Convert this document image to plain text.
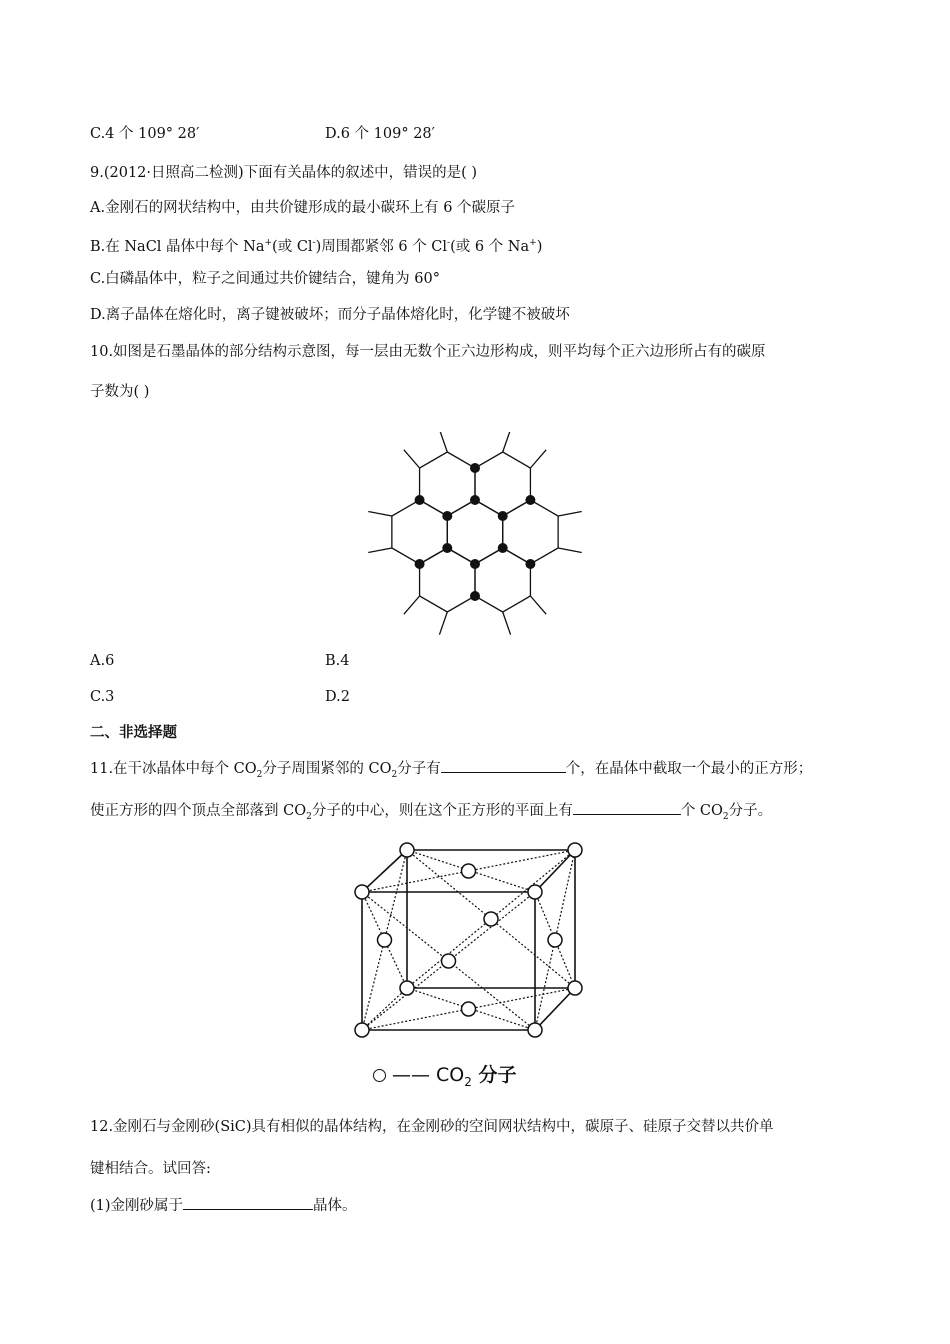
C.4 个 109° 28′	D.6 个 109° 28′
9.(2012·日照高二检测)下面有关晶体的叙述中，错误的是( )
A.金刚石的网状结构中，由共价键形成的最小碳环上有 6 个碳原子
B.在 NaCl 晶体中每个 Na+(或 Cl-)周围都紧邻 6 个 Cl-(或 6 个 Na+)
C.白磷晶体中，粒子之间通过共价键结合，键角为 60°
D.离子晶体在熔化时，离子键被破坏；而分子晶体熔化时，化学键不被破坏
10.如图是石墨晶体的部分结构示意图，每一层由无数个正六边形构成，则平均每个正六边形所占有的碳原
子数为( )
A.6	B.4
C.3	D.2
二、非选择题
11.在干冰晶体中每个 $CO_2$分子周围紧邻的 $CO_2$分子有	个，在晶体中截取一个最小的正方形；
使正方形的四个顶点全部落到 $CO_2$分子的中心，则在这个正方形的平面上有	个 $CO_2$分子。
—— $CO_2$ 分子
12.金刚石与金刚砂(SiC)具有相似的晶体结构，在金刚砂的空间网状结构中，碳原子、硅原子交替以共价单
键相结合。试回答:
(1)金刚砂属于	晶体。
